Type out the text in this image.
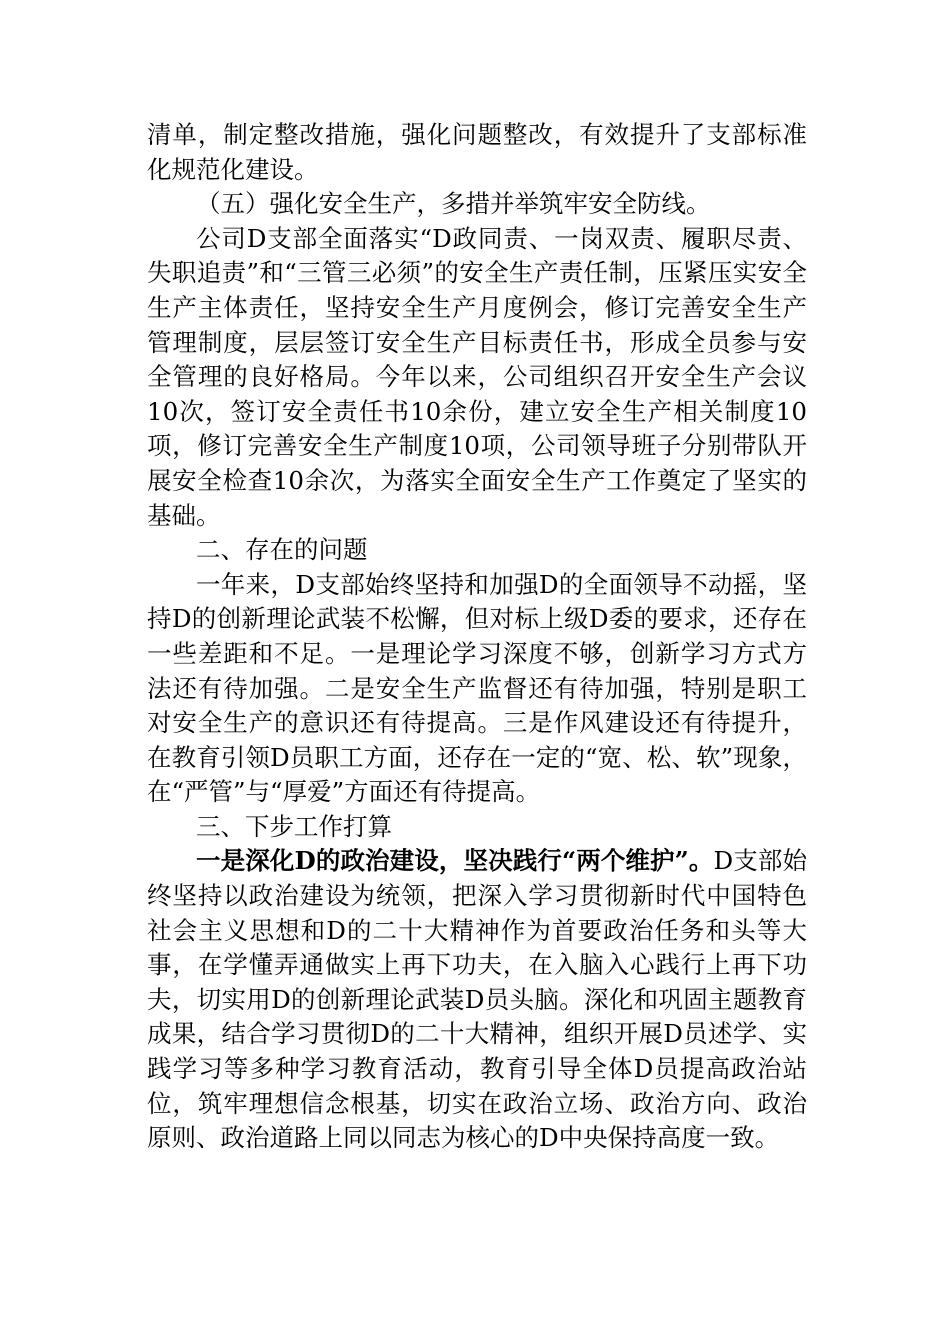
清单，制定整改措施，强化问题整改，有效提升了支部标准化规范化建设。

（五）强化安全生产，多措并举筑牢安全防线。

公司D支部全面落实“D政同责、一岗双责、履职尽责、失职追责”和“三管三必须”的安全生产责任制，压紧压实安全生产主体责任，坚持安全生产月度例会，修订完善安全生产管理制度，层层签订安全生产目标责任书，形成全员参与安全管理的良好格局。今年以来，公司组织召开安全生产会议10次，签订安全责任书10余份，建立安全生产相关制度10项，修订完善安全生产制度10项，公司领导班子分别带队开展安全检查10余次，为落实全面安全生产工作奠定了坚实的基础。

二、存在的问题

一年来，D支部始终坚持和加强D的全面领导不动摇，坚持D的创新理论武装不松懈，但对标上级D委的要求，还存在一些差距和不足。一是理论学习深度不够，创新学习方式方法还有待加强。二是安全生产监督还有待加强，特别是职工对安全生产的意识还有待提高。三是作风建设还有待提升，在教育引领D员职工方面，还存在一定的“宽、松、软”现象，在“严管”与“厚爱”方面还有待提高。

三、下步工作打算

一是深化D的政治建设，坚决践行“两个维护”。D支部始终坚持以政治建设为统领，把深入学习贯彻新时代中国特色社会主义思想和D的二十大精神作为首要政治任务和头等大事，在学懂弄通做实上再下功夫，在入脑入心践行上再下功夫，切实用D的创新理论武装D员头脑。深化和巩固主题教育成果，结合学习贯彻D的二十大精神，组织开展D员述学、实践学习等多种学习教育活动，教育引导全体D员提高政治站位，筑牢理想信念根基，切实在政治立场、政治方向、政治原则、政治道路上同以同志为核心的D中央保持高度一致。
